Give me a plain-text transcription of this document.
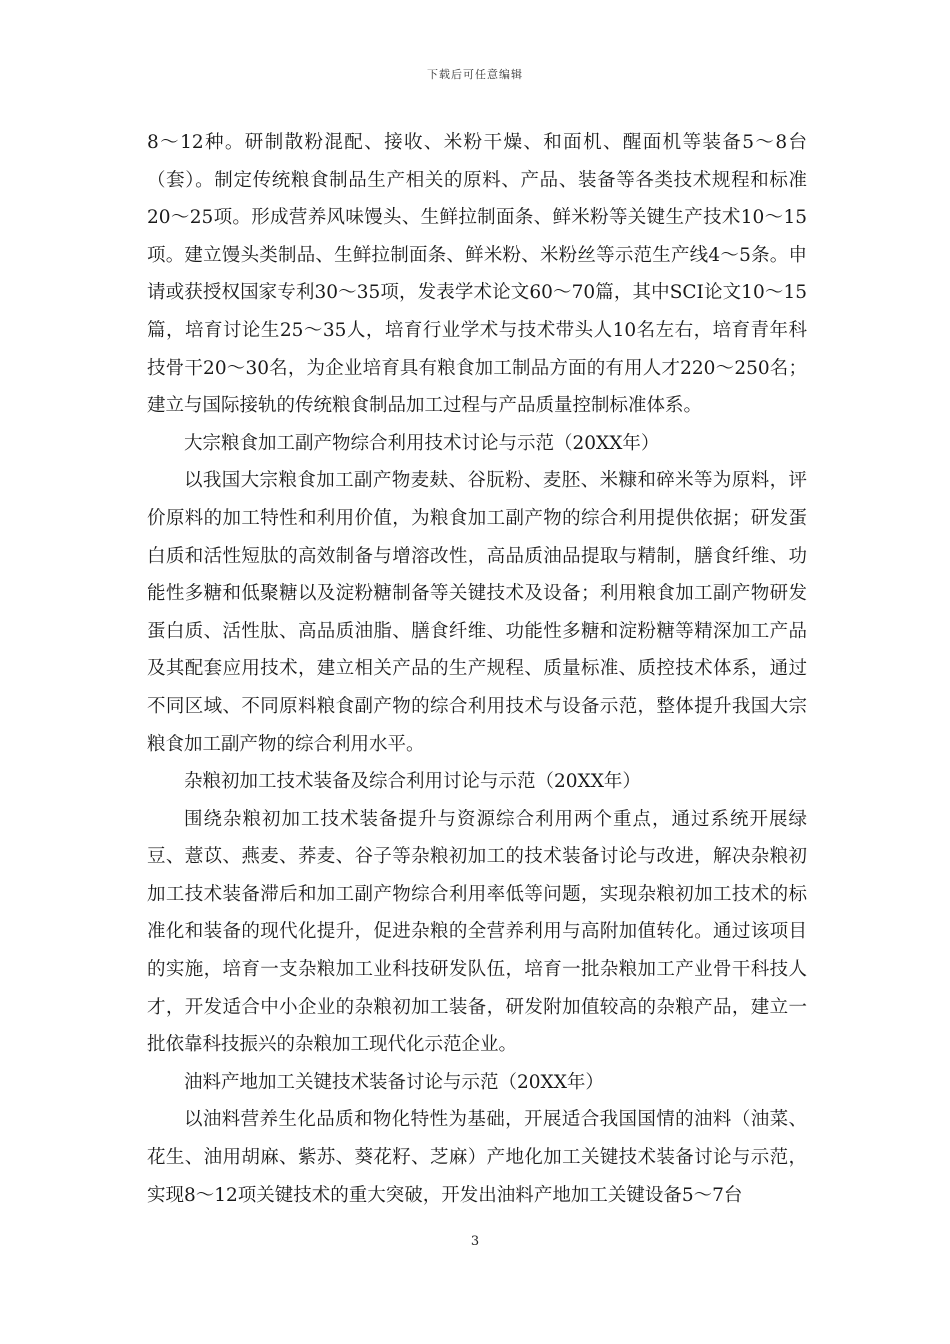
下载后可任意编辑

8～12种。研制散粉混配、接收、米粉干燥、和面机、醒面机等装备5～8台（套）。制定传统粮食制品生产相关的原料、产品、装备等各类技术规程和标准20～25项。形成营养风味馒头、生鲜拉制面条、鲜米粉等关键生产技术10～15项。建立馒头类制品、生鲜拉制面条、鲜米粉、米粉丝等示范生产线4～5条。申请或获授权国家专利30～35项，发表学术论文60～70篇，其中SCI论文10～15篇，培育讨论生25～35人，培育行业学术与技术带头人10名左右，培育青年科技骨干20～30名，为企业培育具有粮食加工制品方面的有用人才220～250名；建立与国际接轨的传统粮食制品加工过程与产品质量控制标准体系。

大宗粮食加工副产物综合利用技术讨论与示范（20XX年）

以我国大宗粮食加工副产物麦麸、谷朊粉、麦胚、米糠和碎米等为原料，评价原料的加工特性和利用价值，为粮食加工副产物的综合利用提供依据；研发蛋白质和活性短肽的高效制备与增溶改性，高品质油品提取与精制，膳食纤维、功能性多糖和低聚糖以及淀粉糖制备等关键技术及设备；利用粮食加工副产物研发蛋白质、活性肽、高品质油脂、膳食纤维、功能性多糖和淀粉糖等精深加工产品及其配套应用技术，建立相关产品的生产规程、质量标准、质控技术体系，通过不同区域、不同原料粮食副产物的综合利用技术与设备示范，整体提升我国大宗粮食加工副产物的综合利用水平。

杂粮初加工技术装备及综合利用讨论与示范（20XX年）

围绕杂粮初加工技术装备提升与资源综合利用两个重点，通过系统开展绿豆、薏苡、燕麦、荞麦、谷子等杂粮初加工的技术装备讨论与改进，解决杂粮初加工技术装备滞后和加工副产物综合利用率低等问题，实现杂粮初加工技术的标准化和装备的现代化提升，促进杂粮的全营养利用与高附加值转化。通过该项目的实施，培育一支杂粮加工业科技研发队伍，培育一批杂粮加工产业骨干科技人才，开发适合中小企业的杂粮初加工装备，研发附加值较高的杂粮产品，建立一批依靠科技振兴的杂粮加工现代化示范企业。

油料产地加工关键技术装备讨论与示范（20XX年）

以油料营养生化品质和物化特性为基础，开展适合我国国情的油料（油菜、花生、油用胡麻、紫苏、葵花籽、芝麻）产地化加工关键技术装备讨论与示范，实现8～12项关键技术的重大突破，开发出油料产地加工关键设备5～7台

3
